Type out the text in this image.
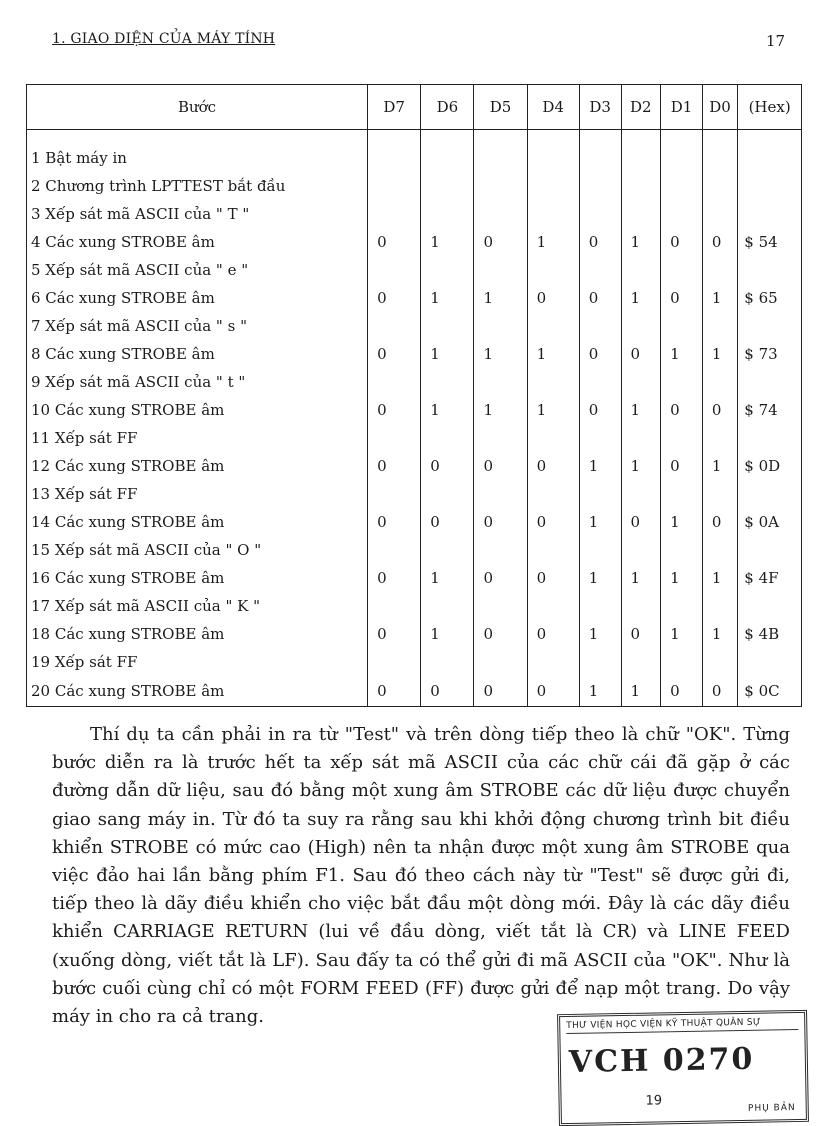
1. GIAO DIỆN CỦA MÁY TÍNH	17
Bước	D7	D6	D5	D4	D3	D2	D1	D0	(Hex)
1 Bật máy in									
2 Chương trình LPTTEST bắt đầu									
3 Xếp sát mã ASCII của " T "									
4 Các xung STROBE âm	0	1	0	1	0	1	0	0	$ 54
5 Xếp sát mã ASCII của " e "									
6 Các xung STROBE âm	0	1	1	0	0	1	0	1	$ 65
7 Xếp sát mã ASCII của " s "									
8 Các xung STROBE âm	0	1	1	1	0	0	1	1	$ 73
9 Xếp sát mã ASCII của " t "									
10 Các xung STROBE âm	0	1	1	1	0	1	0	0	$ 74
11 Xếp sát FF									
12 Các xung STROBE âm	0	0	0	0	1	1	0	1	$ 0D
13 Xếp sát FF									
14 Các xung STROBE âm	0	0	0	0	1	0	1	0	$ 0A
15 Xếp sát mã ASCII của " O "									
16 Các xung STROBE âm	0	1	0	0	1	1	1	1	$ 4F
17 Xếp sát mã ASCII của " K "									
18 Các xung STROBE âm	0	1	0	0	1	0	1	1	$ 4B
19 Xếp sát FF									
20 Các xung STROBE âm	0	0	0	0	1	1	0	0	$ 0C

Thí dụ ta cần phải in ra từ "Test" và trên dòng tiếp theo là chữ "OK". Từng bước diễn ra là trước hết ta xếp sát mã ASCII của các chữ cái đã gặp ở các đường dẫn dữ liệu, sau đó bằng một xung âm STROBE các dữ liệu được chuyển giao sang máy in. Từ đó ta suy ra rằng sau khi khởi động chương trình bit điều khiển STROBE có mức cao (High) nên ta nhận được một xung âm STROBE qua việc đảo hai lần bằng phím F1. Sau đó theo cách này từ "Test" sẽ được gửi đi, tiếp theo là dãy điều khiển cho việc bắt đầu một dòng mới. Đây là các dãy điều khiển CARRIAGE RETURN (lui về đầu dòng, viết tắt là CR) và LINE FEED (xuống dòng, viết tắt là LF). Sau đấy ta có thể gửi đi mã ASCII của "OK". Như là bước cuối cùng chỉ có một FORM FEED (FF) được gửi để nạp một trang. Do vậy máy in cho ra cả trang.	THƯ VIỆN HỌC VIỆN KỸ THUẬT QUÂN SỰ
VCH 0270
19	PHỤ BẢN
